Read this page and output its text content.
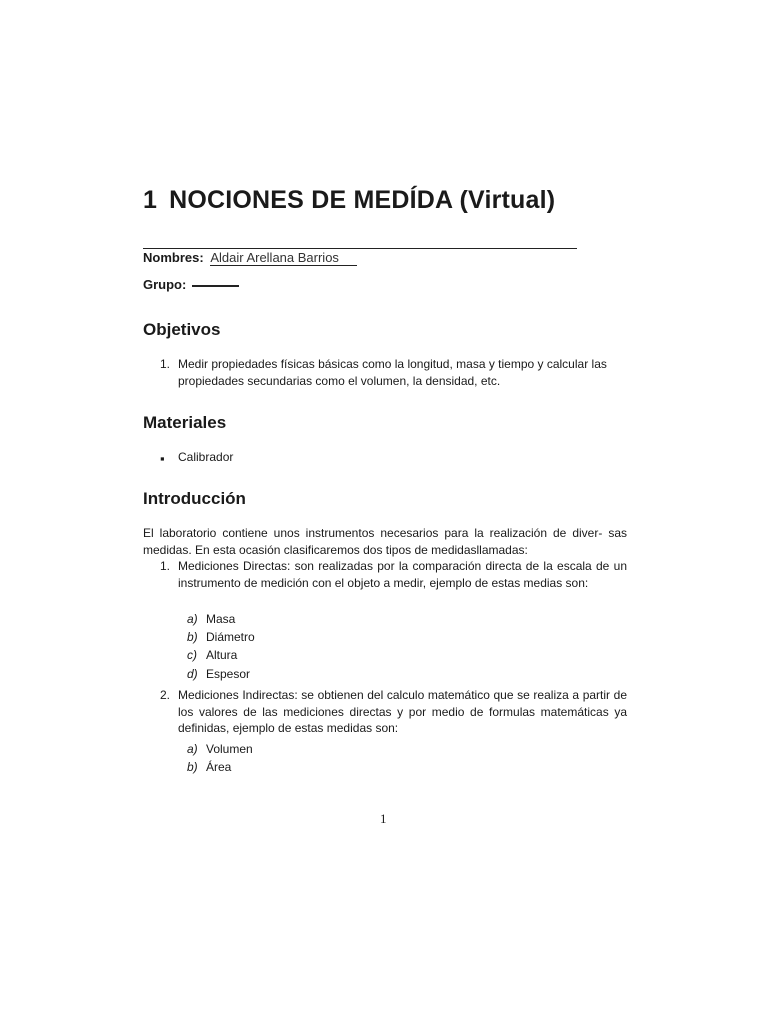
1 NOCIONES DE MEDÍDA (Virtual)
Nombres: Aldair Arellana Barrios
Grupo:
Objetivos
1. Medir propiedades físicas básicas como la longitud, masa y tiempo y calcular las propiedades secundarias como el volumen, la densidad, etc.
Materiales
▪	Calibrador
Introducción
El laboratorio contiene unos instrumentos necesarios para la realización de diver- sas medidas. En esta ocasión clasificaremos dos tipos de medidasllamadas:
1. Mediciones Directas: son realizadas por la comparación directa de la escala de un instrumento de medición con el objeto a medir, ejemplo de estas medias son:
a) Masa
b) Diámetro
c) Altura
d) Espesor
2. Mediciones Indirectas: se obtienen del calculo matemático que se realiza a partir de los valores de las mediciones directas y por medio de formulas matemáticas ya definidas, ejemplo de estas medidas son:
a) Volumen
b) Área
1
